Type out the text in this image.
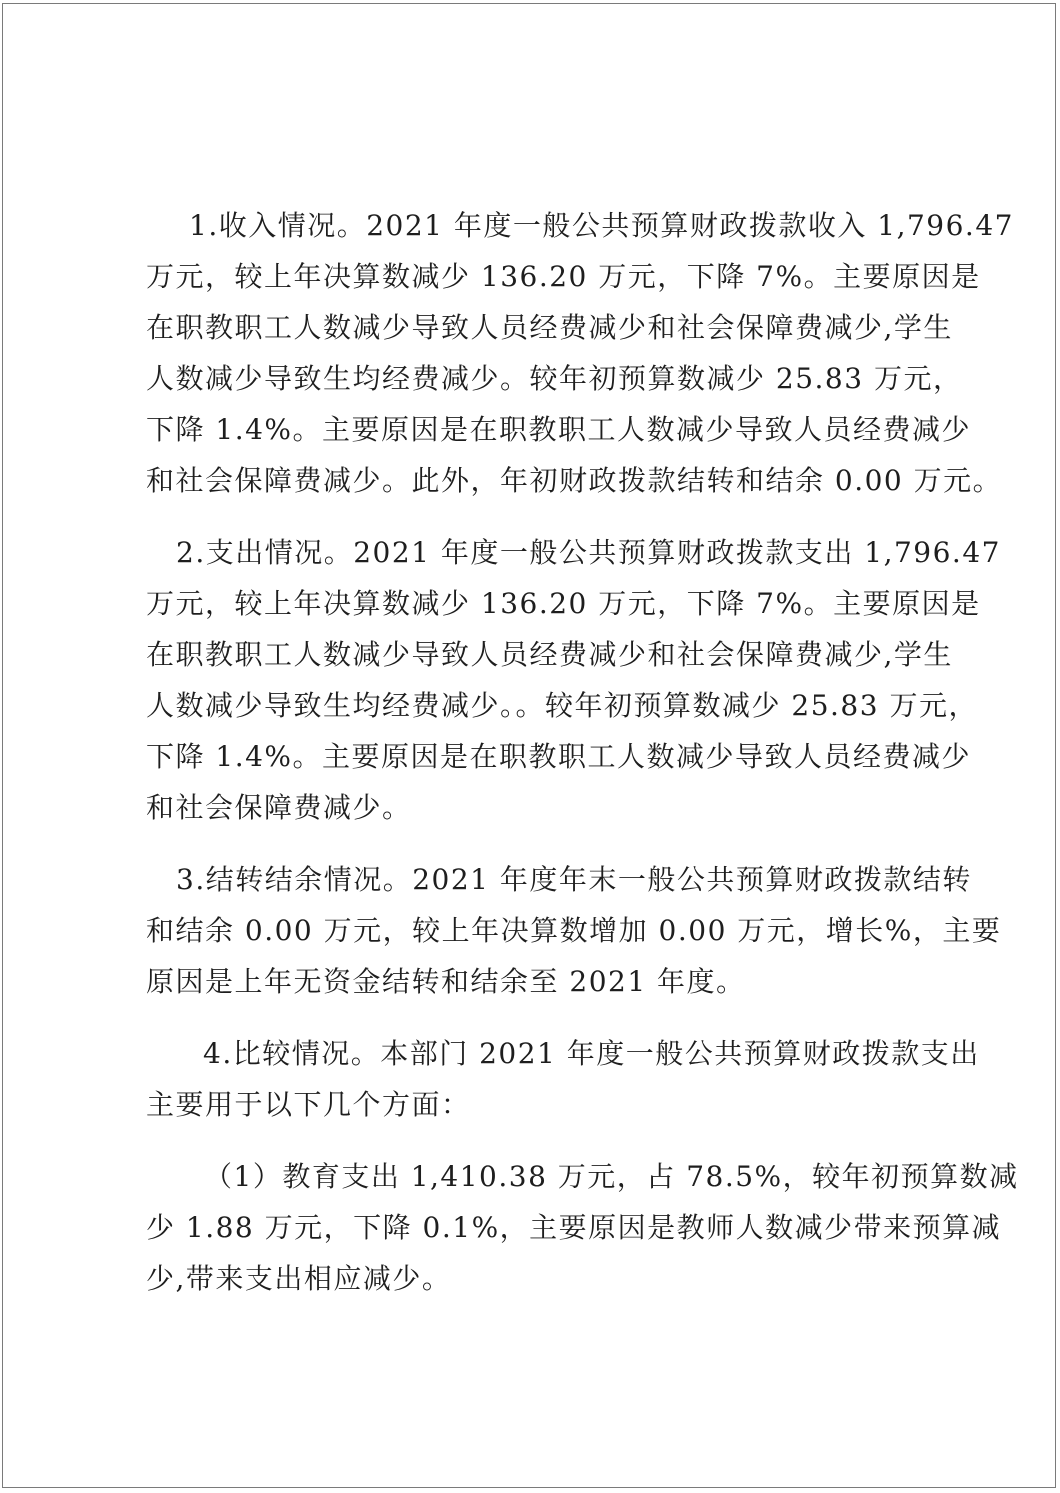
1.收入情况。2021 年度一般公共预算财政拨款收入 1,796.47
万元，较上年决算数减少 136.20 万元，下降 7%。主要原因是
在职教职工人数减少导致人员经费减少和社会保障费减少,学生
人数减少导致生均经费减少。较年初预算数减少 25.83 万元，
下降 1.4%。主要原因是在职教职工人数减少导致人员经费减少
和社会保障费减少。此外，年初财政拨款结转和结余 0.00 万元。

2.支出情况。2021 年度一般公共预算财政拨款支出 1,796.47
万元，较上年决算数减少 136.20 万元，下降 7%。主要原因是
在职教职工人数减少导致人员经费减少和社会保障费减少,学生
人数减少导致生均经费减少。。较年初预算数减少 25.83 万元，
下降 1.4%。主要原因是在职教职工人数减少导致人员经费减少
和社会保障费减少。

3.结转结余情况。2021 年度年末一般公共预算财政拨款结转
和结余 0.00 万元，较上年决算数增加 0.00 万元，增长%，主要
原因是上年无资金结转和结余至 2021 年度。

4.比较情况。本部门 2021 年度一般公共预算财政拨款支出
主要用于以下几个方面：

（1）教育支出 1,410.38 万元，占 78.5%，较年初预算数减
少 1.88 万元，下降 0.1%，主要原因是教师人数减少带来预算减
少,带来支出相应减少。
